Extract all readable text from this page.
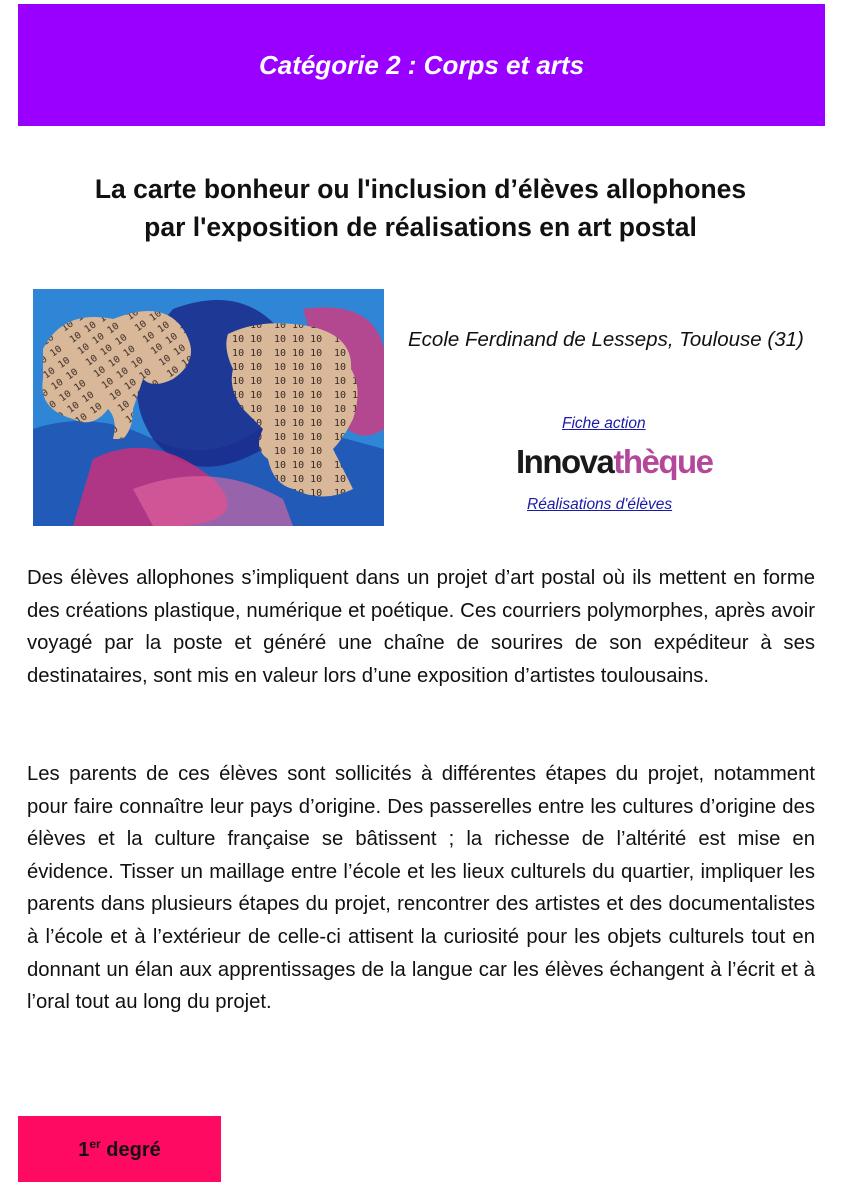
Catégorie 2 : Corps et arts
La carte bonheur ou l'inclusion d’élèves allophones
par l'exposition de réalisations en art postal
Ecole Ferdinand de Lesseps, Toulouse (31)
Fiche action
Innovathèque
Réalisations d'élèves

Des élèves allophones s’impliquent dans un projet d’art postal où ils mettent en forme des créations plastique, numérique et poétique. Ces courriers polymorphes, après avoir voyagé par la poste et généré une chaîne de sourires de son expéditeur à ses destinataires, sont mis en valeur lors d’une exposition d’artistes toulousains.

Les parents de ces élèves sont sollicités à différentes étapes du projet, notamment pour faire connaître leur pays d’origine. Des passerelles entre les cultures d’origine des élèves et la culture française se bâtissent ; la richesse de l’altérité est mise en évidence. Tisser un maillage entre l’école et les lieux culturels du quartier, impliquer les parents dans plusieurs étapes du projet, rencontrer des artistes et des documentalistes à l’école et à l’extérieur de celle-ci attisent la curiosité pour les objets culturels tout en donnant un élan aux apprentissages de la langue car les élèves échangent à l’écrit et à l’oral tout au long du projet.

1er degré
